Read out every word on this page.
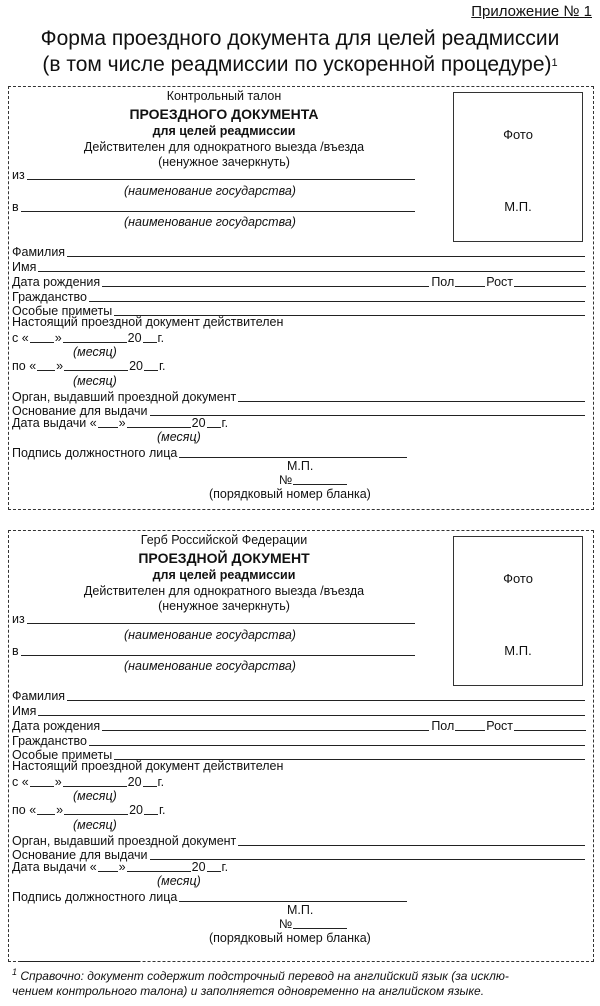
Приложение № 1
Форма проездного документа для целей реадмиссии
(в том числе реадмиссии по ускоренной процедуре)$^1$
Фото
М.П.
Контрольный талон
ПРОЕЗДНОГО ДОКУМЕНТА
для целей реадмиссии
Действителен для однократного выезда /въезда
(ненужное зачеркнуть)
из
(наименование государства)
в
(наименование государства)
Фамилия
Имя
Дата рождения	Пол	Рост
Гражданство
Особые приметы
Настоящий проездной документ действителен
с « »	20 г.
(месяц)
по « »	20 г.
(месяц)
Орган, выдавший проездной документ
Основание для выдачи
Дата выдачи « »	20 г.
(месяц)
Подпись должностного лица
М.П.
№
(порядковый номер бланка)
Фото
М.П.
Герб Российской Федерации
ПРОЕЗДНОЙ ДОКУМЕНТ
для целей реадмиссии
Действителен для однократного выезда /въезда
(ненужное зачеркнуть)
из
(наименование государства)
в
(наименование государства)
Фамилия
Имя
Дата рождения	Пол	Рост
Гражданство
Особые приметы
Настоящий проездной документ действителен
с « »	20 г.
(месяц)
по « »	20 г.
(месяц)
Орган, выдавший проездной документ
Основание для выдачи
Дата выдачи « »	20 г.
(месяц)
Подпись должностного лица
М.П.
№
(порядковый номер бланка)
$^1$ Справочно: документ содержит подстрочный перевод на английский язык (за исклю-
чением контрольного талона) и заполняется одновременно на английском языке.
